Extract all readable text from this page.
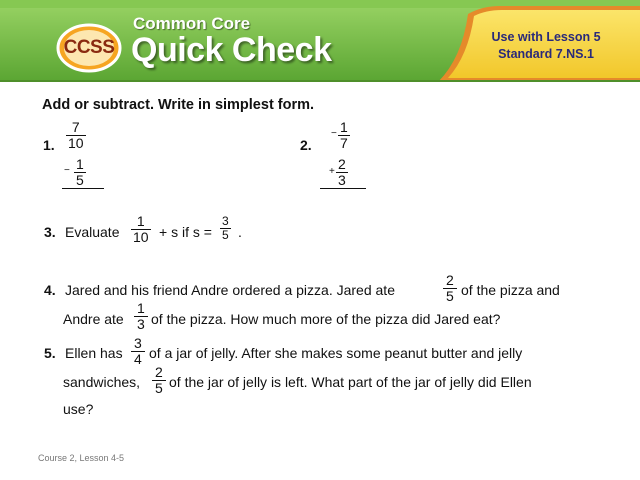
CCSS
Common Core
Quick Check	Use with Lesson 5
Standard 7.NS.1
Add or subtract. Write in simplest form.
1. $\frac{7}{10}$
− $\frac{1}{5}$
2.
− $\frac{1}{7}$
+ $\frac{2}{3}$
3. Evaluate $\frac{1}{10} + s$ if $s = \frac{3}{5}$ .
4. Jared and his friend Andre ordered a pizza. Jared ate	$\frac{2}{5}$ of the pizza and
Andre ate $\frac{1}{3}$ of the pizza. How much more of the pizza did Jared eat?
5. Ellen has $\frac{3}{4}$ of a jar of jelly. After she makes some peanut butter and jelly
sandwiches, $\frac{2}{5}$ of the jar of jelly is left. What part of the jar of jelly did Ellen
use?
Course 2, Lesson 4-5
